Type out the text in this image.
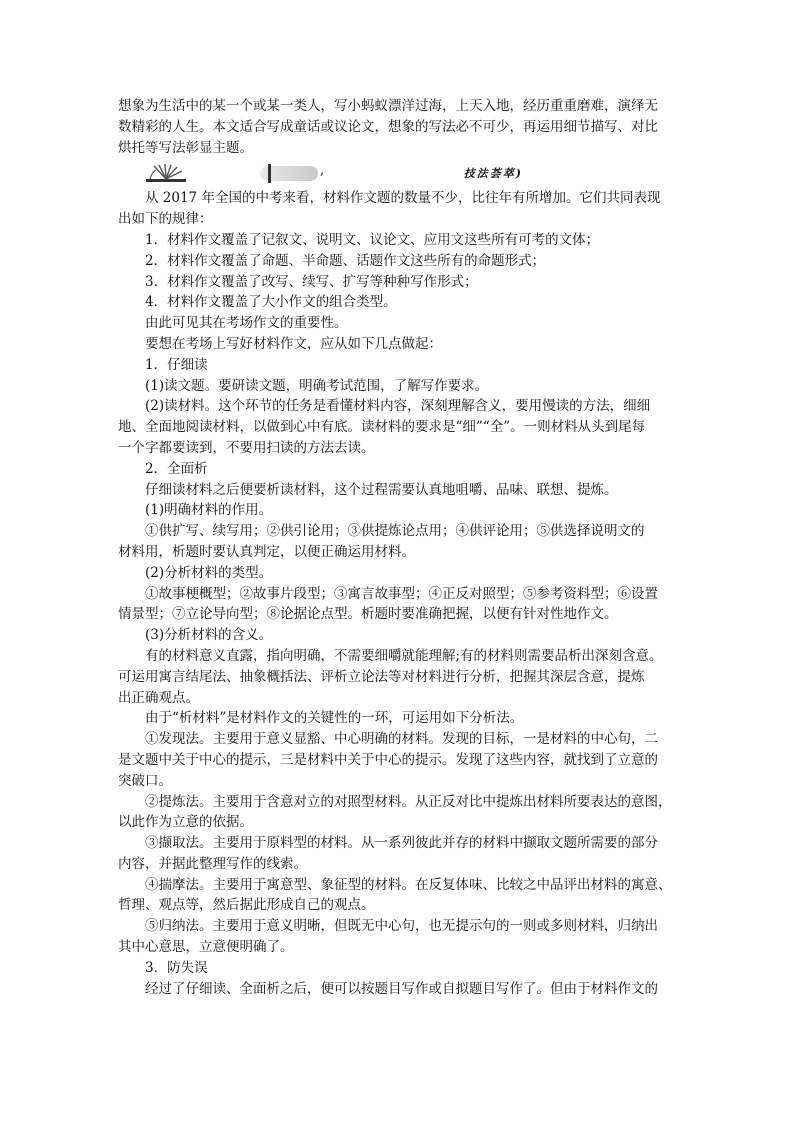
想象为生活中的某一个或某一类人，写小蚂蚁漂洋过海，上天入地，经历重重磨难，演绎无
数精彩的人生。本文适合写成童话或议论文，想象的写法必不可少，再运用细节描写、对比
烘托等写法彰显主题。
,	技法荟萃)
从 2017 年全国的中考来看，材料作文题的数量不少，比往年有所增加。它们共同表现
出如下的规律：
1．材料作文覆盖了记叙文、说明文、议论文、应用文这些所有可考的文体；
2．材料作文覆盖了命题、半命题、话题作文这些所有的命题形式；
3．材料作文覆盖了改写、续写、扩写等种种写作形式；
4．材料作文覆盖了大小作文的组合类型。
由此可见其在考场作文的重要性。
要想在考场上写好材料作文，应从如下几点做起：
1．仔细读
(1)读文题。要研读文题，明确考试范围，了解写作要求。
(2)读材料。这个环节的任务是看懂材料内容，深刻理解含义，要用慢读的方法，细细
地、全面地阅读材料，以做到心中有底。读材料的要求是“细”“全”。一则材料从头到尾每
一个字都要读到，不要用扫读的方法去读。
2．全面析
仔细读材料之后便要析读材料，这个过程需要认真地咀嚼、品味、联想、提炼。
(1)明确材料的作用。
①供扩写、续写用；②供引论用；③供提炼论点用；④供评论用；⑤供选择说明文的
材料用，析题时要认真判定，以便正确运用材料。
(2)分析材料的类型。
①故事梗概型；②故事片段型；③寓言故事型；④正反对照型；⑤参考资料型；⑥设置
情景型；⑦立论导向型；⑧论据论点型。析题时要准确把握，以便有针对性地作文。
(3)分析材料的含义。
有的材料意义直露，指向明确，不需要细嚼就能理解;有的材料则需要品析出深刻含意。
可运用寓言结尾法、抽象概括法、评析立论法等对材料进行分析，把握其深层含意，提炼
出正确观点。
由于“析材料”是材料作文的关键性的一环，可运用如下分析法。
①发现法。主要用于意义显豁、中心明确的材料。发现的目标，一是材料的中心句，二
是文题中关于中心的提示，三是材料中关于中心的提示。发现了这些内容，就找到了立意的
突破口。
②提炼法。主要用于含意对立的对照型材料。从正反对比中提炼出材料所要表达的意图，
以此作为立意的依据。
③撷取法。主要用于原料型的材料。从一系列彼此并存的材料中撷取文题所需要的部分
内容，并据此整理写作的线索。
④揣摩法。主要用于寓意型、象征型的材料。在反复体味、比较之中品评出材料的寓意、
哲理、观点等，然后据此形成自己的观点。
⑤归纳法。主要用于意义明晰，但既无中心句，也无提示句的一则或多则材料，归纳出
其中心意思，立意便明确了。
3．防失误
经过了仔细读、全面析之后，便可以按题目写作或自拟题目写作了。但由于材料作文的
